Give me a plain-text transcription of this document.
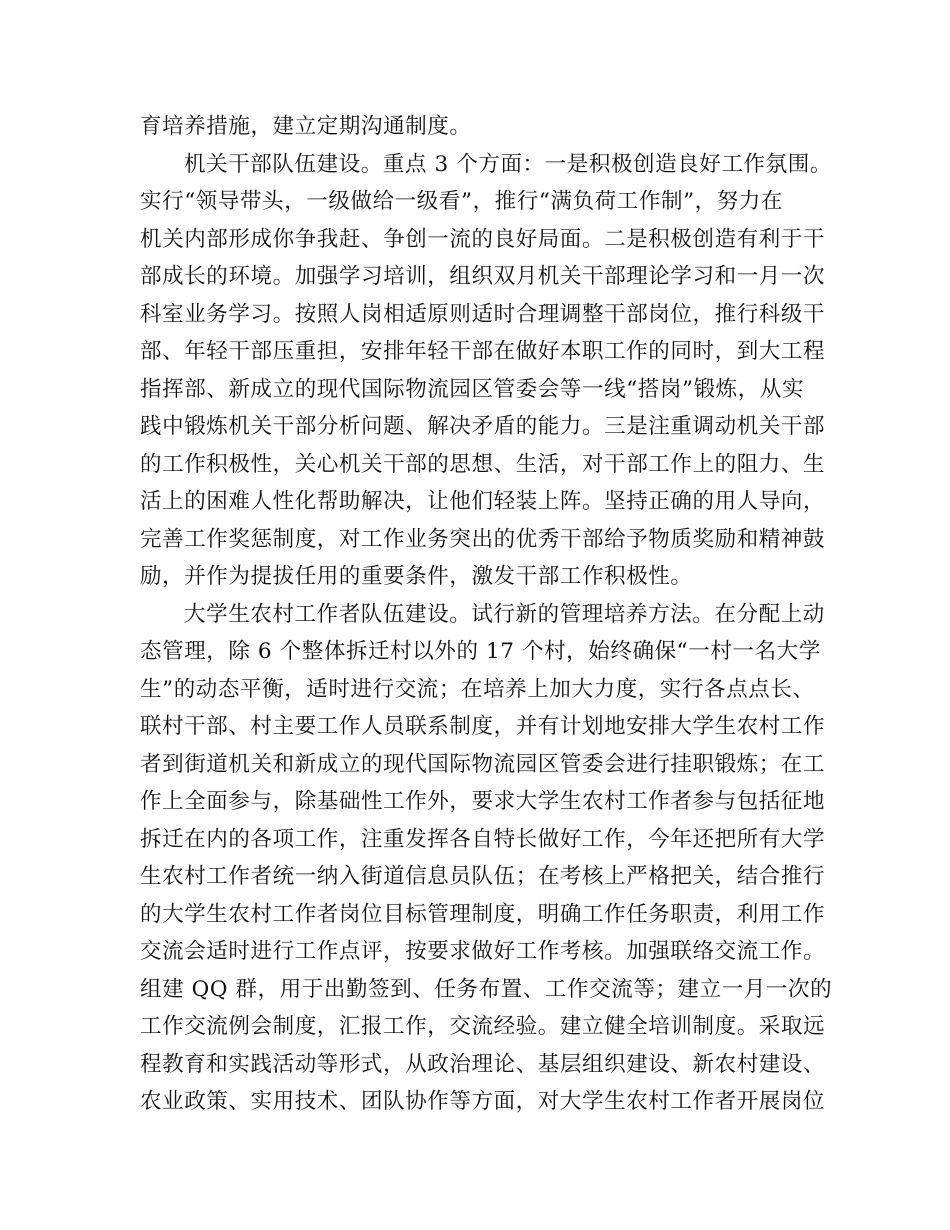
育培养措施，建立定期沟通制度。
机关干部队伍建设。重点 3 个方面：一是积极创造良好工作氛围。
实行“领导带头，一级做给一级看”，推行“满负荷工作制”，努力在
机关内部形成你争我赶、争创一流的良好局面。二是积极创造有利于干
部成长的环境。加强学习培训，组织双月机关干部理论学习和一月一次
科室业务学习。按照人岗相适原则适时合理调整干部岗位，推行科级干
部、年轻干部压重担，安排年轻干部在做好本职工作的同时，到大工程
指挥部、新成立的现代国际物流园区管委会等一线“搭岗”锻炼，从实
践中锻炼机关干部分析问题、解决矛盾的能力。三是注重调动机关干部
的工作积极性，关心机关干部的思想、生活，对干部工作上的阻力、生
活上的困难人性化帮助解决，让他们轻装上阵。坚持正确的用人导向，
完善工作奖惩制度，对工作业务突出的优秀干部给予物质奖励和精神鼓
励，并作为提拔任用的重要条件，激发干部工作积极性。
大学生农村工作者队伍建设。试行新的管理培养方法。在分配上动
态管理，除 6 个整体拆迁村以外的 17 个村，始终确保“一村一名大学
生”的动态平衡，适时进行交流；在培养上加大力度，实行各点点长、
联村干部、村主要工作人员联系制度，并有计划地安排大学生农村工作
者到街道机关和新成立的现代国际物流园区管委会进行挂职锻炼；在工
作上全面参与，除基础性工作外，要求大学生农村工作者参与包括征地
拆迁在内的各项工作，注重发挥各自特长做好工作，今年还把所有大学
生农村工作者统一纳入街道信息员队伍；在考核上严格把关，结合推行
的大学生农村工作者岗位目标管理制度，明确工作任务职责，利用工作
交流会适时进行工作点评，按要求做好工作考核。加强联络交流工作。
组建 QQ 群，用于出勤签到、任务布置、工作交流等；建立一月一次的
工作交流例会制度，汇报工作，交流经验。建立健全培训制度。采取远
程教育和实践活动等形式，从政治理论、基层组织建设、新农村建设、
农业政策、实用技术、团队协作等方面，对大学生农村工作者开展岗位
